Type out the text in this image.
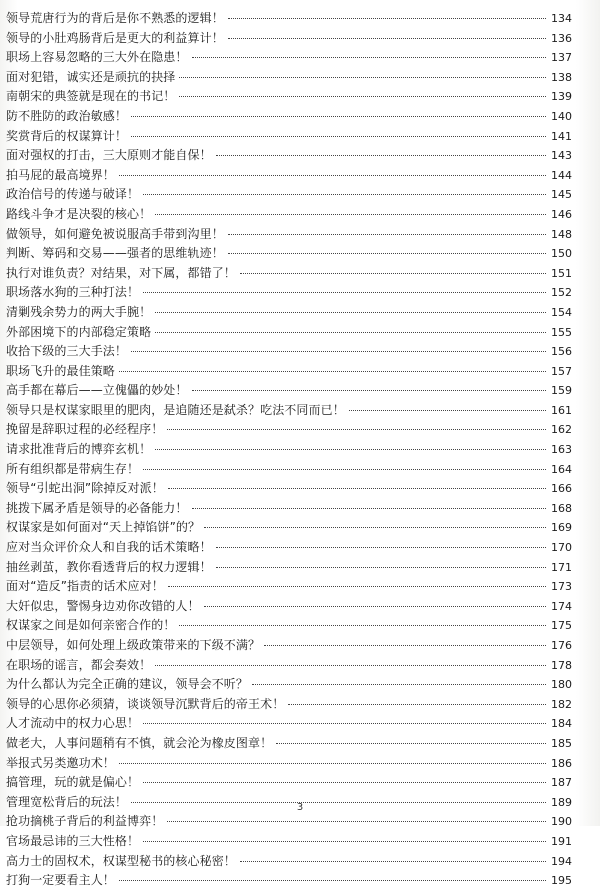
领导荒唐行为的背后是你不熟悉的逻辑！	134
领导的小肚鸡肠背后是更大的利益算计！	136
职场上容易忽略的三大外在隐患！	137
面对犯错，诚实还是顽抗的抉择	138
南朝宋的典签就是现在的书记！	139
防不胜防的政治敏感！	140
奖赏背后的权谋算计！	141
面对强权的打击，三大原则才能自保！	143
拍马屁的最高境界！	144
政治信号的传递与破译！	145
路线斗争才是决裂的核心！	146
做领导，如何避免被说服高手带到沟里！	148
判断、筹码和交易——强者的思维轨迹！	150
执行对谁负责？对结果，对下属，都错了！	151
职场落水狗的三种打法！	152
清剿残余势力的两大手腕！	154
外部困境下的内部稳定策略	155
收拾下级的三大手法！	156
职场飞升的最佳策略	157
高手都在幕后——立傀儡的妙处！	159
领导只是权谋家眼里的肥肉，是追随还是弑杀？吃法不同而已！	161
挽留是辞职过程的必经程序！	162
请求批准背后的博弈玄机！	163
所有组织都是带病生存！	164
领导“引蛇出洞”除掉反对派！	166
挑拨下属矛盾是领导的必备能力！	168
权谋家是如何面对“天上掉馅饼”的？	169
应对当众评价众人和自我的话术策略！	170
抽丝剥茧，教你看透背后的权力逻辑！	171
面对“造反”指责的话术应对！	173
大奸似忠，警惕身边劝你改错的人！	174
权谋家之间是如何亲密合作的！	175
中层领导，如何处理上级政策带来的下级不满？	176
在职场的谣言，都会奏效！	178
为什么都认为完全正确的建议，领导会不听？	180
领导的心思你必须猜，谈谈领导沉默背后的帝王术！	182
人才流动中的权力心思！	184
做老大，人事问题稍有不慎，就会沦为橡皮图章！	185
举报式另类邀功术！	186
搞管理，玩的就是偏心！	187
管理宽松背后的玩法！	189
抢功摘桃子背后的利益博弈！	190
官场最忌讳的三大性格！	191
高力士的固权术，权谋型秘书的核心秘密！	194
打狗一定要看主人！	195
3
